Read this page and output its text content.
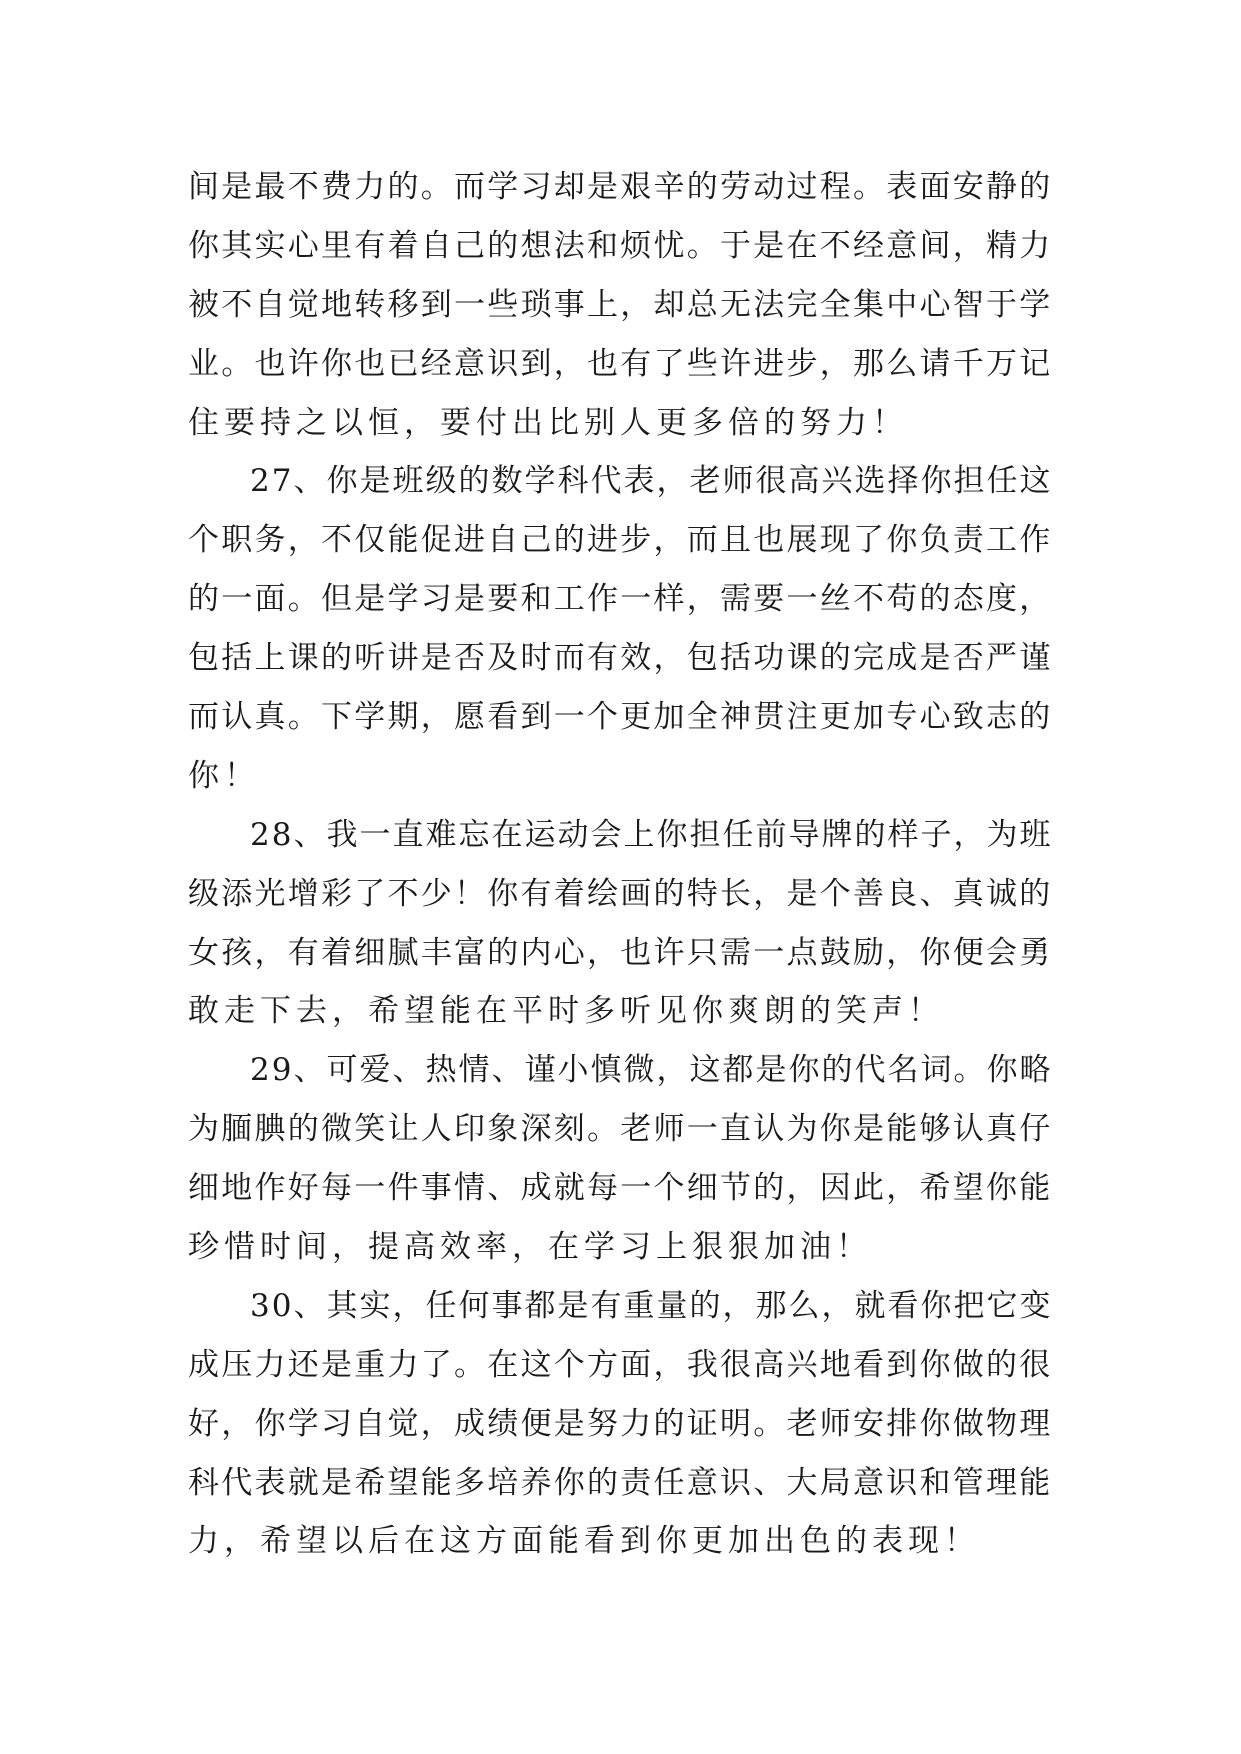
间是最不费力的。而学习却是艰辛的劳动过程。表面安静的
你其实心里有着自己的想法和烦忧。于是在不经意间，精力
被不自觉地转移到一些琐事上，却总无法完全集中心智于学
业。也许你也已经意识到，也有了些许进步，那么请千万记
住要持之以恒，要付出比别人更多倍的努力！
27、你是班级的数学科代表，老师很高兴选择你担任这
个职务，不仅能促进自己的进步，而且也展现了你负责工作
的一面。但是学习是要和工作一样，需要一丝不苟的态度，
包括上课的听讲是否及时而有效，包括功课的完成是否严谨
而认真。下学期，愿看到一个更加全神贯注更加专心致志的
你！
28、我一直难忘在运动会上你担任前导牌的样子，为班
级添光增彩了不少！你有着绘画的特长，是个善良、真诚的
女孩，有着细腻丰富的内心，也许只需一点鼓励，你便会勇
敢走下去，希望能在平时多听见你爽朗的笑声！
29、可爱、热情、谨小慎微，这都是你的代名词。你略
为腼腆的微笑让人印象深刻。老师一直认为你是能够认真仔
细地作好每一件事情、成就每一个细节的，因此，希望你能
珍惜时间，提高效率，在学习上狠狠加油！
30、其实，任何事都是有重量的，那么，就看你把它变
成压力还是重力了。在这个方面，我很高兴地看到你做的很
好，你学习自觉，成绩便是努力的证明。老师安排你做物理
科代表就是希望能多培养你的责任意识、大局意识和管理能
力，希望以后在这方面能看到你更加出色的表现！
